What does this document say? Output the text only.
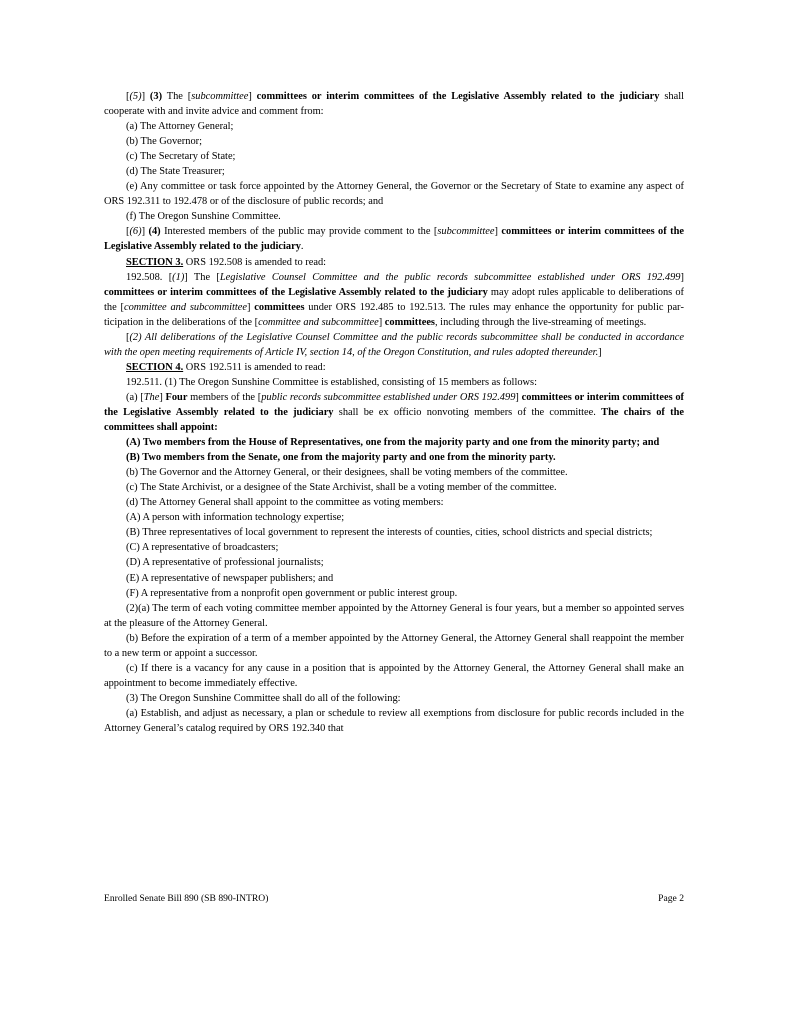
[(5)] (3) The [subcommittee] committees or interim committees of the Legislative Assembly related to the judiciary shall cooperate with and invite advice and comment from:

(a) The Attorney General;

(b) The Governor;

(c) The Secretary of State;

(d) The State Treasurer;

(e) Any committee or task force appointed by the Attorney General, the Governor or the Secretary of State to examine any aspect of ORS 192.311 to 192.478 or of the disclosure of public records; and

(f) The Oregon Sunshine Committee.

[(6)] (4) Interested members of the public may provide comment to the [subcommittee] committees or interim committees of the Legislative Assembly related to the judiciary.

SECTION 3. ORS 192.508 is amended to read:

192.508. [(1)] The [Legislative Counsel Committee and the public records subcommittee established under ORS 192.499] committees or interim committees of the Legislative Assembly related to the judiciary may adopt rules applicable to deliberations of the [committee and subcommittee] committees under ORS 192.485 to 192.513. The rules may enhance the opportunity for public participation in the deliberations of the [committee and subcommittee] committees, including through the live-streaming of meetings.

[(2) All deliberations of the Legislative Counsel Committee and the public records subcommittee shall be conducted in accordance with the open meeting requirements of Article IV, section 14, of the Oregon Constitution, and rules adopted thereunder.]

SECTION 4. ORS 192.511 is amended to read:

192.511. (1) The Oregon Sunshine Committee is established, consisting of 15 members as follows:

(a) [The] Four members of the [public records subcommittee established under ORS 192.499] committees or interim committees of the Legislative Assembly related to the judiciary shall be ex officio nonvoting members of the committee. The chairs of the committees shall appoint:

(A) Two members from the House of Representatives, one from the majority party and one from the minority party; and

(B) Two members from the Senate, one from the majority party and one from the minority party.

(b) The Governor and the Attorney General, or their designees, shall be voting members of the committee.

(c) The State Archivist, or a designee of the State Archivist, shall be a voting member of the committee.

(d) The Attorney General shall appoint to the committee as voting members:

(A) A person with information technology expertise;

(B) Three representatives of local government to represent the interests of counties, cities, school districts and special districts;

(C) A representative of broadcasters;

(D) A representative of professional journalists;

(E) A representative of newspaper publishers; and

(F) A representative from a nonprofit open government or public interest group.

(2)(a) The term of each voting committee member appointed by the Attorney General is four years, but a member so appointed serves at the pleasure of the Attorney General.

(b) Before the expiration of a term of a member appointed by the Attorney General, the Attorney General shall reappoint the member to a new term or appoint a successor.

(c) If there is a vacancy for any cause in a position that is appointed by the Attorney General, the Attorney General shall make an appointment to become immediately effective.

(3) The Oregon Sunshine Committee shall do all of the following:

(a) Establish, and adjust as necessary, a plan or schedule to review all exemptions from disclosure for public records included in the Attorney General’s catalog required by ORS 192.340 that

Enrolled Senate Bill 890 (SB 890-INTRO)	Page 2
